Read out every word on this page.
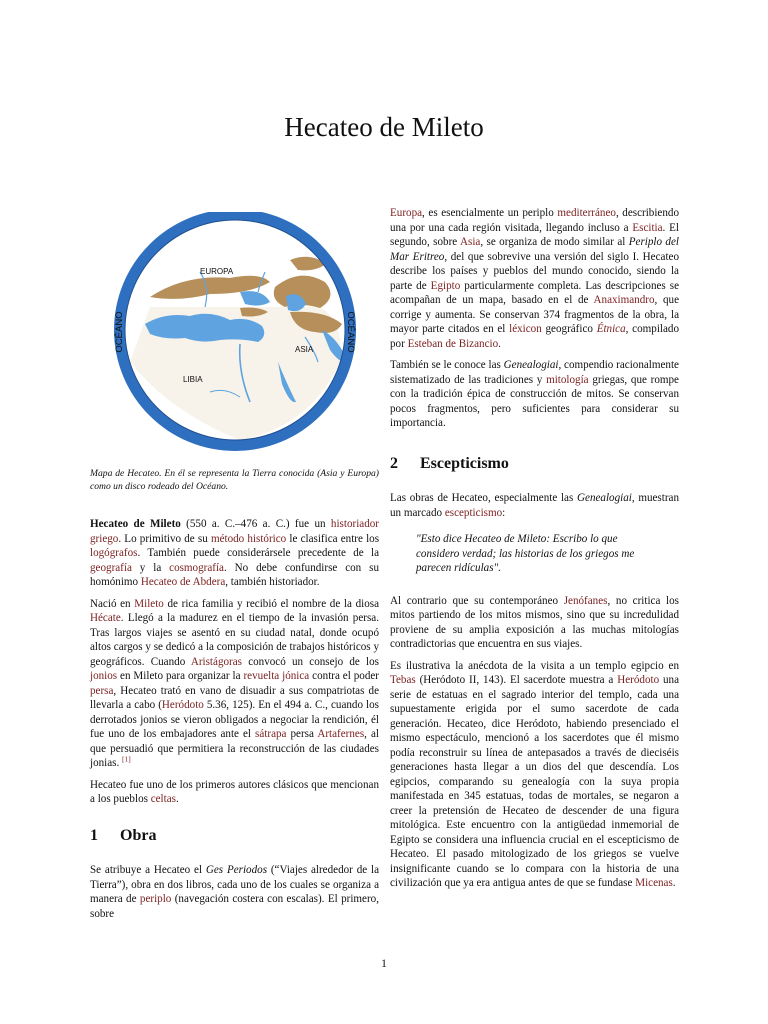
Hecateo de Mileto
OCÉANO	OCÉANO
EUROPA
ASIA
LIBIA

Mapa de Hecateo. En él se representa la Tierra conocida (Asia y Europa) como un disco rodeado del Océano.

Hecateo de Mileto (550 a. C.–476 a. C.) fue un historiador griego. Lo primitivo de su método histórico le clasifica entre los logógrafos. También puede considerársele precedente de la geografía y la cosmografía. No debe confundirse con su homónimo Hecateo de Abdera, también historiador.

Nació en Mileto de rica familia y recibió el nombre de la diosa Hécate. Llegó a la madurez en el tiempo de la invasión persa. Tras largos viajes se asentó en su ciudad natal, donde ocupó altos cargos y se dedicó a la composición de trabajos históricos y geográficos. Cuando Aristágoras convocó un consejo de los jonios en Mileto para organizar la revuelta jónica contra el poder persa, Hecateo trató en vano de disuadir a sus compatriotas de llevarla a cabo (Heródoto 5.36, 125). En el 494 a. C., cuando los derrotados jonios se vieron obligados a negociar la rendición, él fue uno de los embajadores ante el sátrapa persa Artafernes, al que persuadió que permitiera la reconstrucción de las ciudades jonias. [1]

Hecateo fue uno de los primeros autores clásicos que mencionan a los pueblos celtas.

1	Obra

Se atribuye a Hecateo el Ges Periodos (“Viajes alrededor de la Tierra”), obra en dos libros, cada uno de los cuales se organiza a manera de periplo (navegación costera con escalas). El primero, sobre

Europa, es esencialmente un periplo mediterráneo, describiendo una por una cada región visitada, llegando incluso a Escitia. El segundo, sobre Asia, se organiza de modo similar al Periplo del Mar Eritreo, del que sobrevive una versión del siglo I. Hecateo describe los países y pueblos del mundo conocido, siendo la parte de Egipto particularmente completa. Las descripciones se acompañan de un mapa, basado en el de Anaximandro, que corrige y aumenta. Se conservan 374 fragmentos de la obra, la mayor parte citados en el léxicon geográfico Étnica, compilado por Esteban de Bizancio.

También se le conoce las Genealogiai, compendio racionalmente sistematizado de las tradiciones y mitología griegas, que rompe con la tradición épica de construcción de mitos. Se conservan pocos fragmentos, pero suficientes para considerar su importancia.

2	Escepticismo

Las obras de Hecateo, especialmente las Genealogiai, muestran un marcado escepticismo:

"Esto dice Hecateo de Mileto: Escribo lo que considero verdad; las historias de los griegos me parecen ridículas".

Al contrario que su contemporáneo Jenófanes, no critica los mitos partiendo de los mitos mismos, sino que su incredulidad proviene de su amplia exposición a las muchas mitologías contradictorias que encuentra en sus viajes.

Es ilustrativa la anécdota de la visita a un templo egipcio en Tebas (Heródoto II, 143). El sacerdote muestra a Heródoto una serie de estatuas en el sagrado interior del templo, cada una supuestamente erigida por el sumo sacerdote de cada generación. Hecateo, dice Heródoto, habiendo presenciado el mismo espectáculo, mencionó a los sacerdotes que él mismo podía reconstruir su línea de antepasados a través de dieciséis generaciones hasta llegar a un dios del que descendía. Los egipcios, comparando su genealogía con la suya propia manifestada en 345 estatuas, todas de mortales, se negaron a creer la pretensión de Hecateo de descender de una figura mitológica. Este encuentro con la antigüedad inmemorial de Egipto se considera una influencia crucial en el escepticismo de Hecateo. El pasado mitologizado de los griegos se vuelve insignificante cuando se lo compara con la historia de una civilización que ya era antigua antes de que se fundase Micenas.

1
